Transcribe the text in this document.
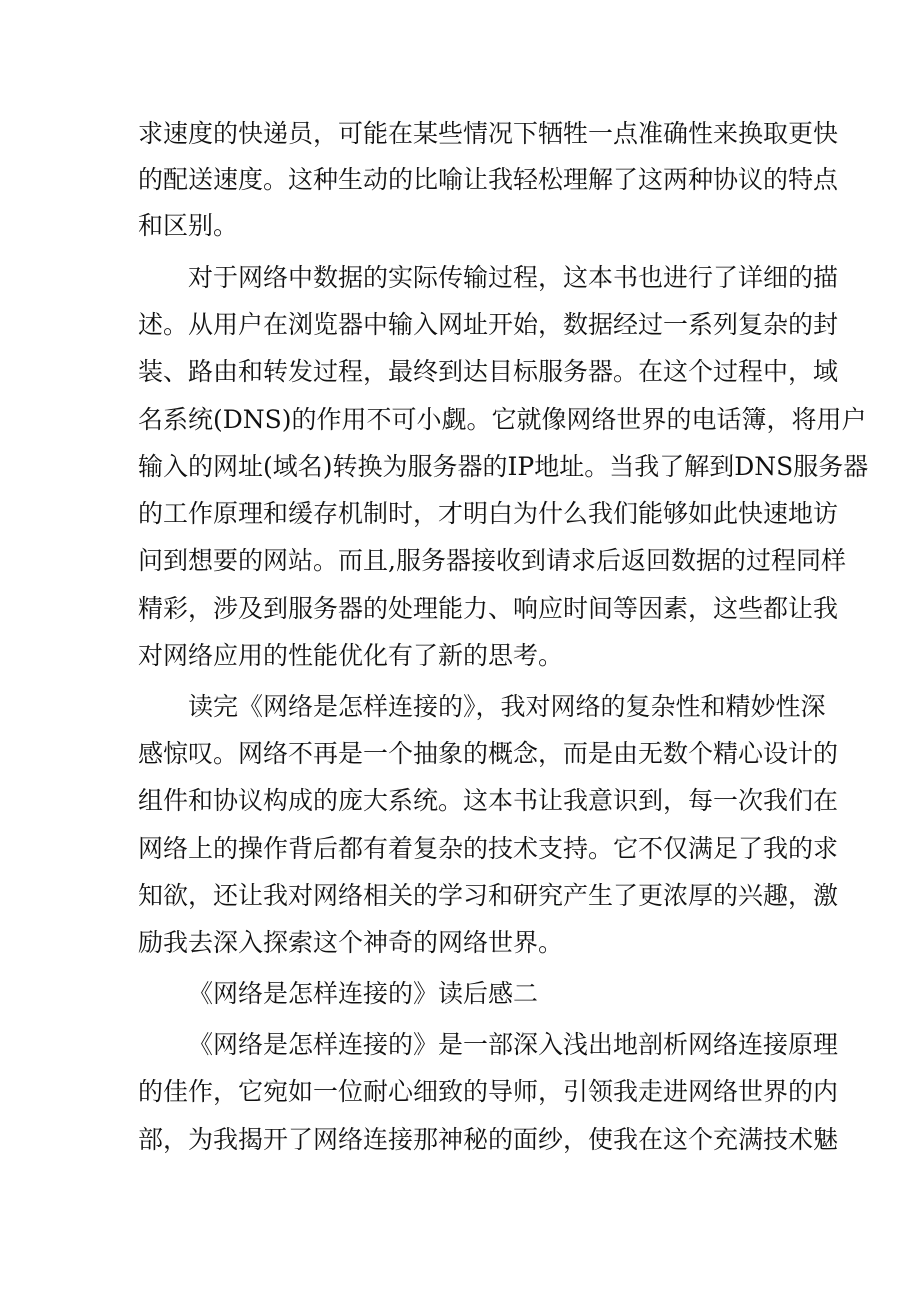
求速度的快递员，可能在某些情况下牺牲一点准确性来换取更快
的配送速度。这种生动的比喻让我轻松理解了这两种协议的特点
和区别。
对于网络中数据的实际传输过程，这本书也进行了详细的描
述。从用户在浏览器中输入网址开始，数据经过一系列复杂的封
装、路由和转发过程，最终到达目标服务器。在这个过程中，域
名系统(DNS)的作用不可小觑。它就像网络世界的电话簿，将用户
输入的网址(域名)转换为服务器的IP地址。当我了解到DNS服务器
的工作原理和缓存机制时，才明白为什么我们能够如此快速地访
问到想要的网站。而且,服务器接收到请求后返回数据的过程同样
精彩，涉及到服务器的处理能力、响应时间等因素，这些都让我
对网络应用的性能优化有了新的思考。
读完《网络是怎样连接的》，我对网络的复杂性和精妙性深
感惊叹。网络不再是一个抽象的概念，而是由无数个精心设计的
组件和协议构成的庞大系统。这本书让我意识到，每一次我们在
网络上的操作背后都有着复杂的技术支持。它不仅满足了我的求
知欲，还让我对网络相关的学习和研究产生了更浓厚的兴趣，激
励我去深入探索这个神奇的网络世界。
《网络是怎样连接的》读后感二
《网络是怎样连接的》是一部深入浅出地剖析网络连接原理
的佳作，它宛如一位耐心细致的导师，引领我走进网络世界的内
部，为我揭开了网络连接那神秘的面纱，使我在这个充满技术魅
